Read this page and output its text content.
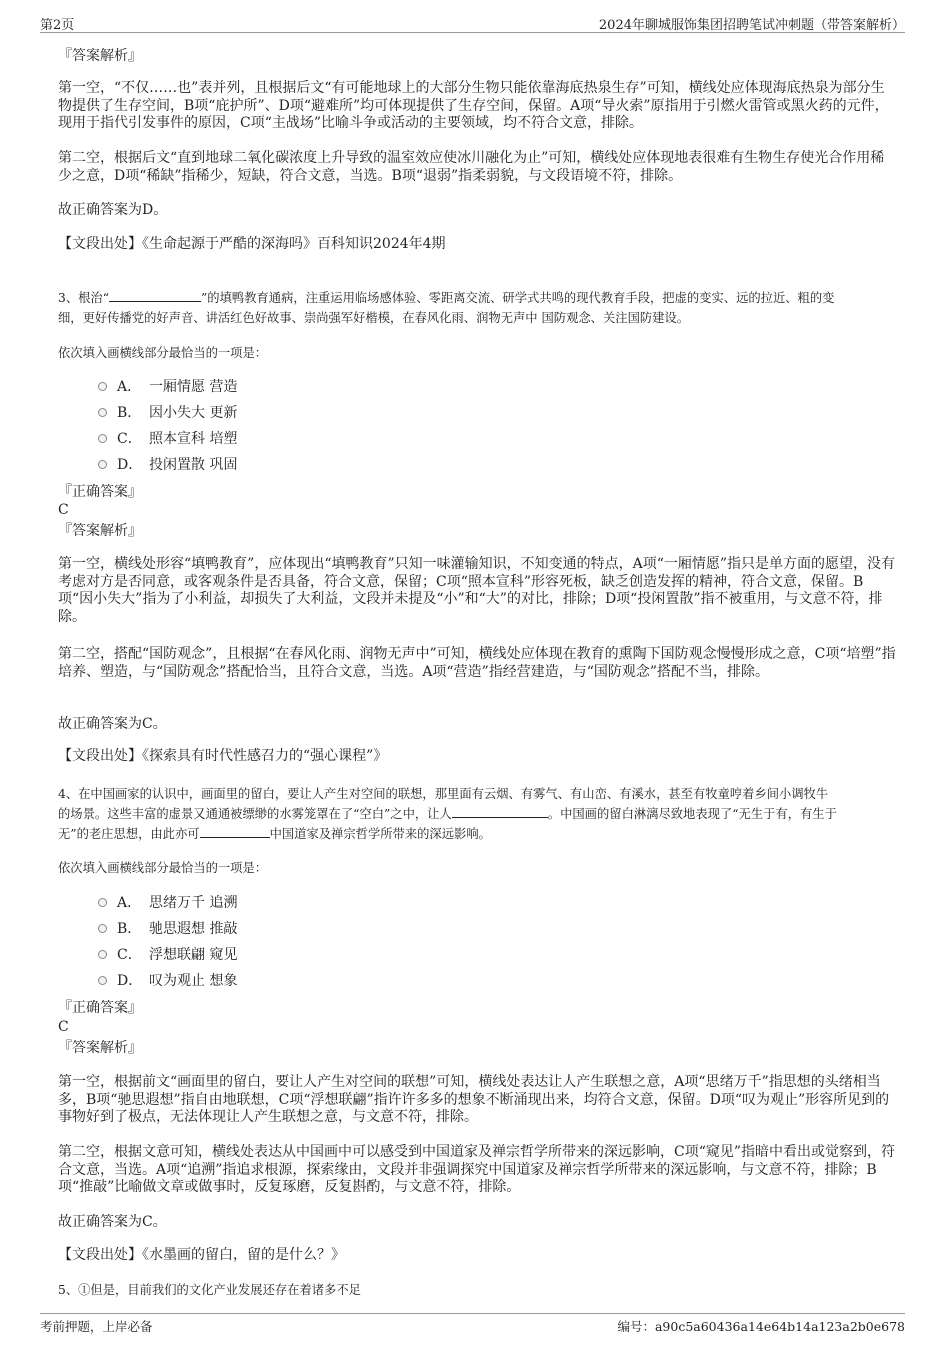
第2页	2024年聊城服饰集团招聘笔试冲刺题（带答案解析）
『答案解析』
第一空，“不仅……也”表并列，且根据后文“有可能地球上的大部分生物只能依靠海底热泉生存”可知，横线处应体现海底热泉为部分生物提供了生存空间，B项“庇护所”、D项“避难所”均可体现提供了生存空间，保留。A项“导火索”原指用于引燃火雷管或黑火药的元件，现用于指代引发事件的原因，C项“主战场”比喻斗争或活动的主要领域，均不符合文意，排除。
第二空，根据后文“直到地球二氧化碳浓度上升导致的温室效应使冰川融化为止”可知，横线处应体现地表很难有生物生存使光合作用稀少之意，D项“稀缺”指稀少，短缺，符合文意，当选。B项“退弱”指柔弱貌，与文段语境不符，排除。
故正确答案为D。
【文段出处】《生命起源于严酷的深海吗》百科知识2024年4期
3、根治“	”的填鸭教育通病，注重运用临场感体验、零距离交流、研学式共鸣的现代教育手段，把虚的变实、远的拉近、粗的变
细，更好传播党的好声音、讲活红色好故事、崇尚强军好楷模，在春风化雨、润物无声中 国防观念、关注国防建设。
依次填入画横线部分最恰当的一项是：
A． 一厢情愿 营造
B． 因小失大 更新
C． 照本宣科 培塑
D． 投闲置散 巩固
『正确答案』
C
『答案解析』
第一空，横线处形容“填鸭教育”，应体现出“填鸭教育”只知一味灌输知识，不知变通的特点，A项“一厢情愿”指只是单方面的愿望，没有考虑对方是否同意，或客观条件是否具备，符合文意，保留；C项“照本宣科”形容死板，缺乏创造发挥的精神，符合文意，保留。B项“因小失大”指为了小利益，却损失了大利益，文段并未提及“小”和“大”的对比，排除；D项“投闲置散”指不被重用，与文意不符，排除。
第二空，搭配“国防观念”，且根据“在春风化雨、润物无声中”可知，横线处应体现在教育的熏陶下国防观念慢慢形成之意，C项“培塑”指培养、塑造，与“国防观念”搭配恰当，且符合文意，当选。A项“营造”指经营建造，与“国防观念”搭配不当，排除。
故正确答案为C。
【文段出处】《探索具有时代性感召力的“强心课程”》
4、在中国画家的认识中，画面里的留白，要让人产生对空间的联想，那里面有云烟、有雾气、有山峦、有溪水，甚至有牧童哼着乡间小调牧牛
的场景。这些丰富的虚景又通通被缥缈的水雾笼罩在了“空白”之中，让人	。中国画的留白淋漓尽致地表现了“无生于有，有生于
无”的老庄思想，由此亦可	中国道家及禅宗哲学所带来的深远影响。
依次填入画横线部分最恰当的一项是：
A． 思绪万千 追溯
B． 驰思遐想 推敲
C． 浮想联翩 窥见
D． 叹为观止 想象
『正确答案』
C
『答案解析』
第一空，根据前文“画面里的留白，要让人产生对空间的联想”可知，横线处表达让人产生联想之意，A项“思绪万千”指思想的头绪相当多，B项“驰思遐想”指自由地联想，C项“浮想联翩”指许许多多的想象不断涌现出来，均符合文意，保留。D项“叹为观止”形容所见到的事物好到了极点，无法体现让人产生联想之意，与文意不符，排除。
第二空，根据文意可知，横线处表达从中国画中可以感受到中国道家及禅宗哲学所带来的深远影响，C项“窥见”指暗中看出或觉察到，符合文意，当选。A项“追溯”指追求根源，探索缘由，文段并非强调探究中国道家及禅宗哲学所带来的深远影响，与文意不符，排除；B项“推敲”比喻做文章或做事时，反复琢磨，反复斟酌，与文意不符，排除。
故正确答案为C。
【文段出处】《水墨画的留白，留的是什么？》
5、①但是，目前我们的文化产业发展还存在着诸多不足
考前押题，上岸必备	编号：a90c5a60436a14e64b14a123a2b0e678
